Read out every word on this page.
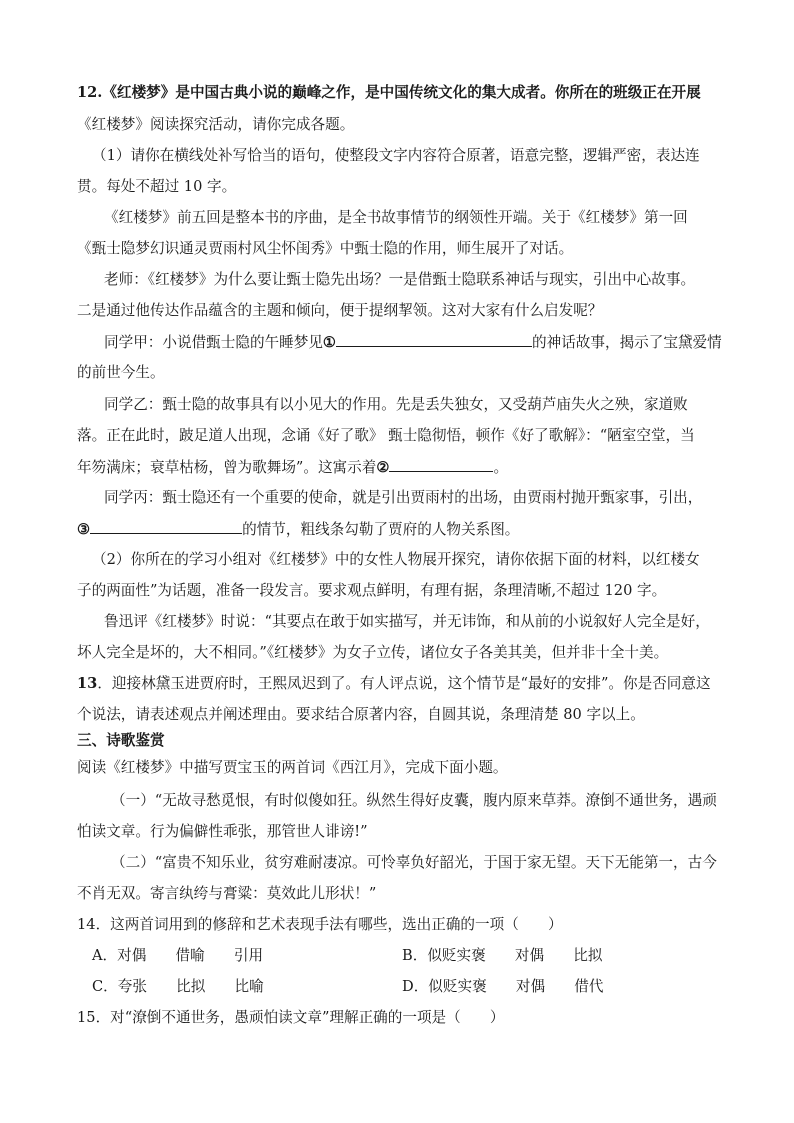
12.《红楼梦》是中国古典小说的巅峰之作，是中国传统文化的集大成者。你所在的班级正在开展
《红楼梦》阅读探究活动，请你完成各题。
（1）请你在横线处补写恰当的语句，使整段文字内容符合原著，语意完整，逻辑严密，表达连
贯。每处不超过 10 字。
《红楼梦》前五回是整本书的序曲，是全书故事情节的纲领性开端。关于《红楼梦》第一回
《甄士隐梦幻识通灵贾雨村风尘怀闺秀》中甄士隐的作用，师生展开了对话。
老师：《红楼梦》为什么要让甄士隐先出场？一是借甄士隐联系神话与现实，引出中心故事。
二是通过他传达作品蕴含的主题和倾向，便于提纲挈领。这对大家有什么启发呢？
同学甲：小说借甄士隐的午睡梦见①	的神话故事，揭示了宝黛爱情
的前世今生。
同学乙：甄士隐的故事具有以小见大的作用。先是丢失独女，又受葫芦庙失火之殃，家道败
落。正在此时，跛足道人出现，念诵《好了歌》 甄士隐彻悟，顿作《好了歌解》：“陋室空堂，当
年笏满床；衰草枯杨，曾为歌舞场”。这寓示着②	。
同学丙：甄士隐还有一个重要的使命，就是引出贾雨村的出场，由贾雨村抛开甄家事，引出，
③	的情节，粗线条勾勒了贾府的人物关系图。
（2）你所在的学习小组对《红楼梦》中的女性人物展开探究，请你依据下面的材料，以红楼女
子的两面性”为话题，准备一段发言。要求观点鲜明，有理有据，条理清晰,不超过 120 字。
鲁迅评《红楼梦》时说：“其要点在敢于如实描写，并无讳饰，和从前的小说叙好人完全是好，
坏人完全是坏的，大不相同。”《红楼梦》为女子立传，诸位女子各美其美，但并非十全十美。
13．迎接林黛玉进贾府时，王熙凤迟到了。有人评点说，这个情节是“最好的安排”。你是否同意这
个说法，请表述观点并阐述理由。要求结合原著内容，自圆其说，条理清楚 80 字以上。
三、诗歌鉴赏
阅读《红楼梦》中描写贾宝玉的两首词《西江月》，完成下面小题。
（一）“无故寻愁觅恨，有时似傻如狂。纵然生得好皮囊，腹内原来草莽。潦倒不通世务，遇顽
怕读文章。行为偏僻性乖张，那管世人诽谤!”
（二）“富贵不知乐业，贫穷难耐凄凉。可怜辜负好韶光，于国于家无望。天下无能第一，古今
不肖无双。寄言纨绔与膏粱：莫效此儿形状！”
14．这两首词用到的修辞和艺术表现手法有哪些，选出正确的一项（　　）
A．对偶　　借喻　　引用	B．似贬实褒　　对偶　　比拟
C．夸张　　比拟　　比喻	D．似贬实褒　　对偶　　借代
15．对“潦倒不通世务，愚顽怕读文章”理解正确的一项是（　　）
